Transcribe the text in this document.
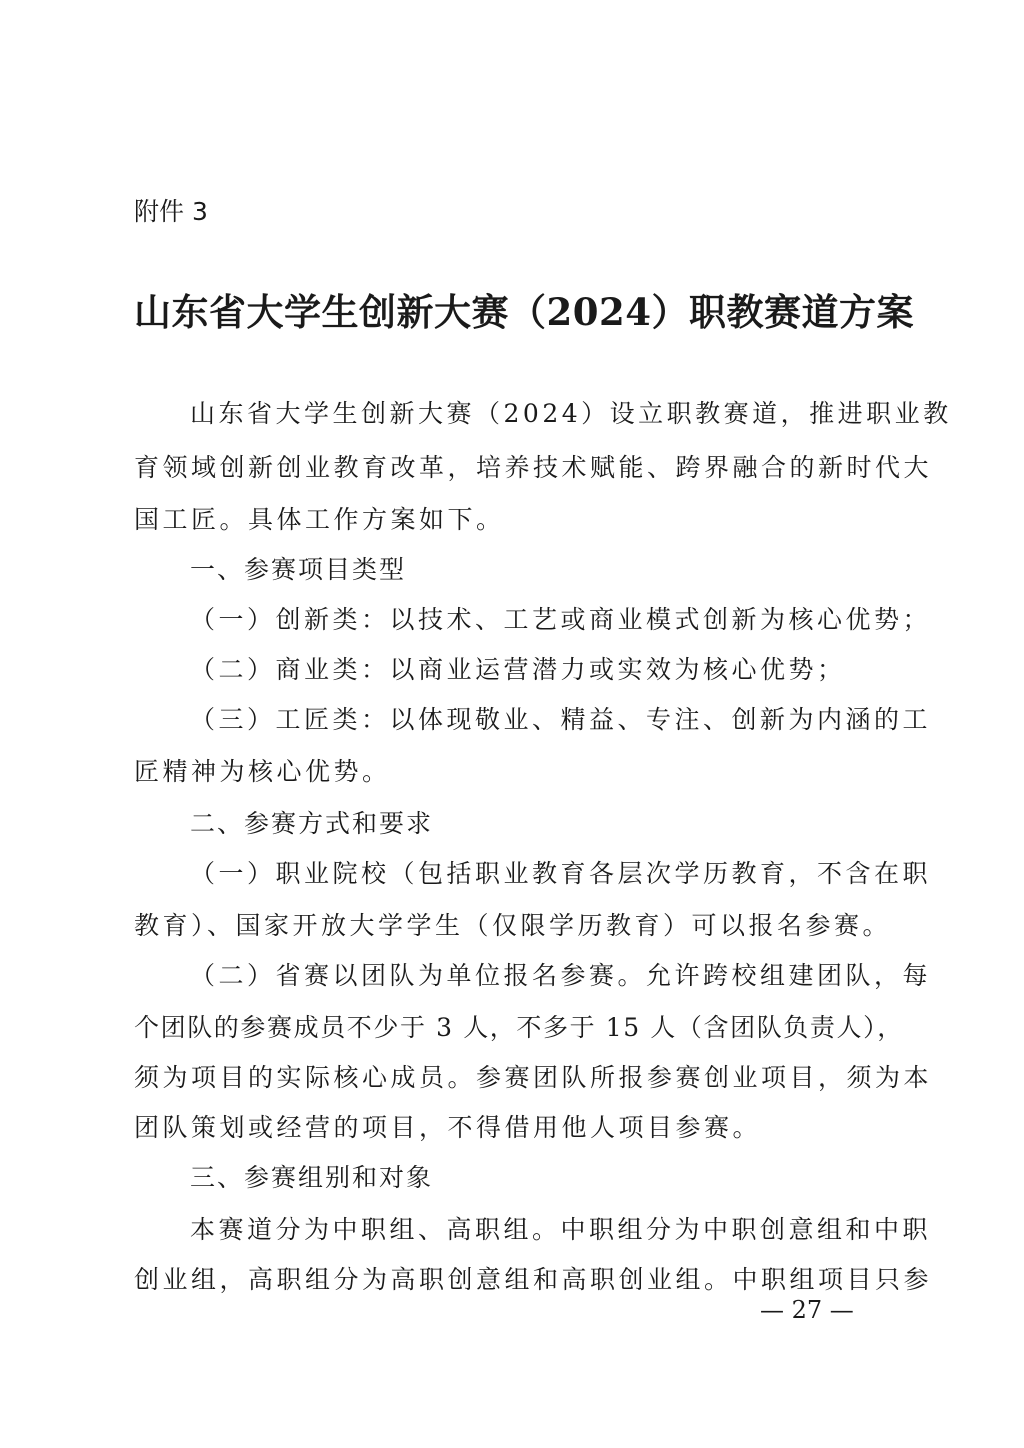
附件 3
山东省大学生创新大赛（2024）职教赛道方案
山东省大学生创新大赛（2024）设立职教赛道，推进职业教
育领域创新创业教育改革，培养技术赋能、跨界融合的新时代大
国工匠。具体工作方案如下。
一、参赛项目类型
（一）创新类：以技术、工艺或商业模式创新为核心优势；
（二）商业类：以商业运营潜力或实效为核心优势；
（三）工匠类：以体现敬业、精益、专注、创新为内涵的工
匠精神为核心优势。
二、参赛方式和要求
（一）职业院校（包括职业教育各层次学历教育，不含在职
教育）、国家开放大学学生（仅限学历教育）可以报名参赛。
（二）省赛以团队为单位报名参赛。允许跨校组建团队，每
个团队的参赛成员不少于 3 人，不多于 15 人（含团队负责人），
须为项目的实际核心成员。参赛团队所报参赛创业项目，须为本
团队策划或经营的项目，不得借用他人项目参赛。
三、参赛组别和对象
本赛道分为中职组、高职组。中职组分为中职创意组和中职
创业组，高职组分为高职创意组和高职创业组。中职组项目只参
— 27 —
